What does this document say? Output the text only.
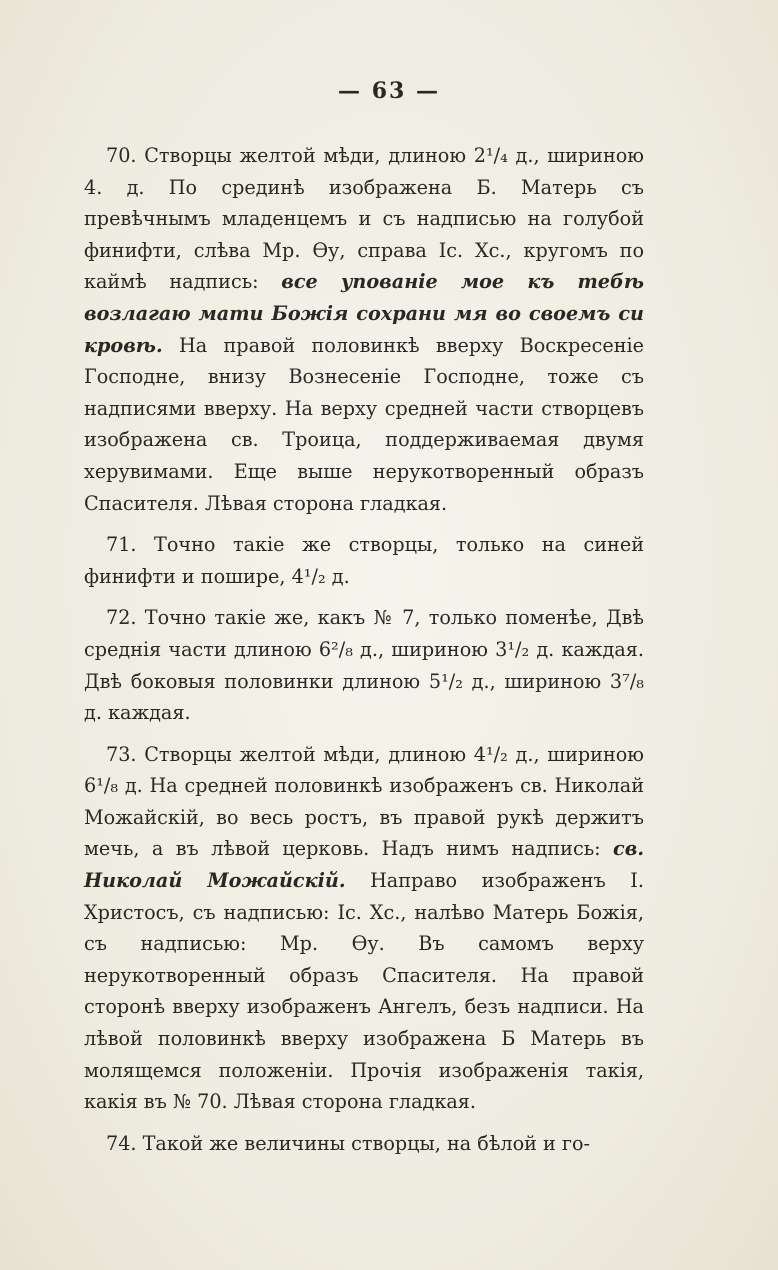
— 63 —

70. Створцы желтой мѣди, длиною 2¹/₄ д., шириною 4. д. По срединѣ изображена Б. Матерь съ превѣчнымъ младенцемъ и съ надписью на голубой финифти, слѣва Мр. Өу, справа Іс. Хс., кругомъ по каймѣ надпись: все упованіе мое къ тебѣ возлагаю мати Божія сохрани мя во своемъ си кровѣ. На правой половинкѣ вверху Воскресеніе Господне, внизу Вознесеніе Господне, тоже съ надписями вверху. На верху средней части створцевъ изображена св. Троица, поддерживаемая двумя херувимами. Еще выше нерукотворенный образъ Спасителя. Лѣвая сторона гладкая.

71. Точно такіе же створцы, только на синей финифти и пошире, 4¹/₂ д.

72. Точно такіе же, какъ № 7, только поменѣе, Двѣ среднія части длиною 6²/₈ д., шириною 3¹/₂ д. каждая. Двѣ боковыя половинки длиною 5¹/₂ д., шириною 3⁷/₈ д. каждая.

73. Створцы желтой мѣди, длиною 4¹/₂ д., шириною 6¹/₈ д. На средней половинкѣ изображенъ св. Николай Можайскій, во весь ростъ, въ правой рукѣ держитъ мечь, а въ лѣвой церковь. Надъ нимъ надпись: св. Николай Можайскій. Направо изображенъ І. Христосъ, съ надписью: Іс. Хс., налѣво Матерь Божія, съ надписью: Мр. Өу. Въ самомъ верху нерукотворенный образъ Спасителя. На правой сторонѣ вверху изображенъ Ангелъ, безъ надписи. На лѣвой половинкѣ вверху изображена Б Матерь въ молящемся положеніи. Прочія изображенія такія, какія въ № 70. Лѣвая сторона гладкая.

74. Такой же величины створцы, на бѣлой и го-
